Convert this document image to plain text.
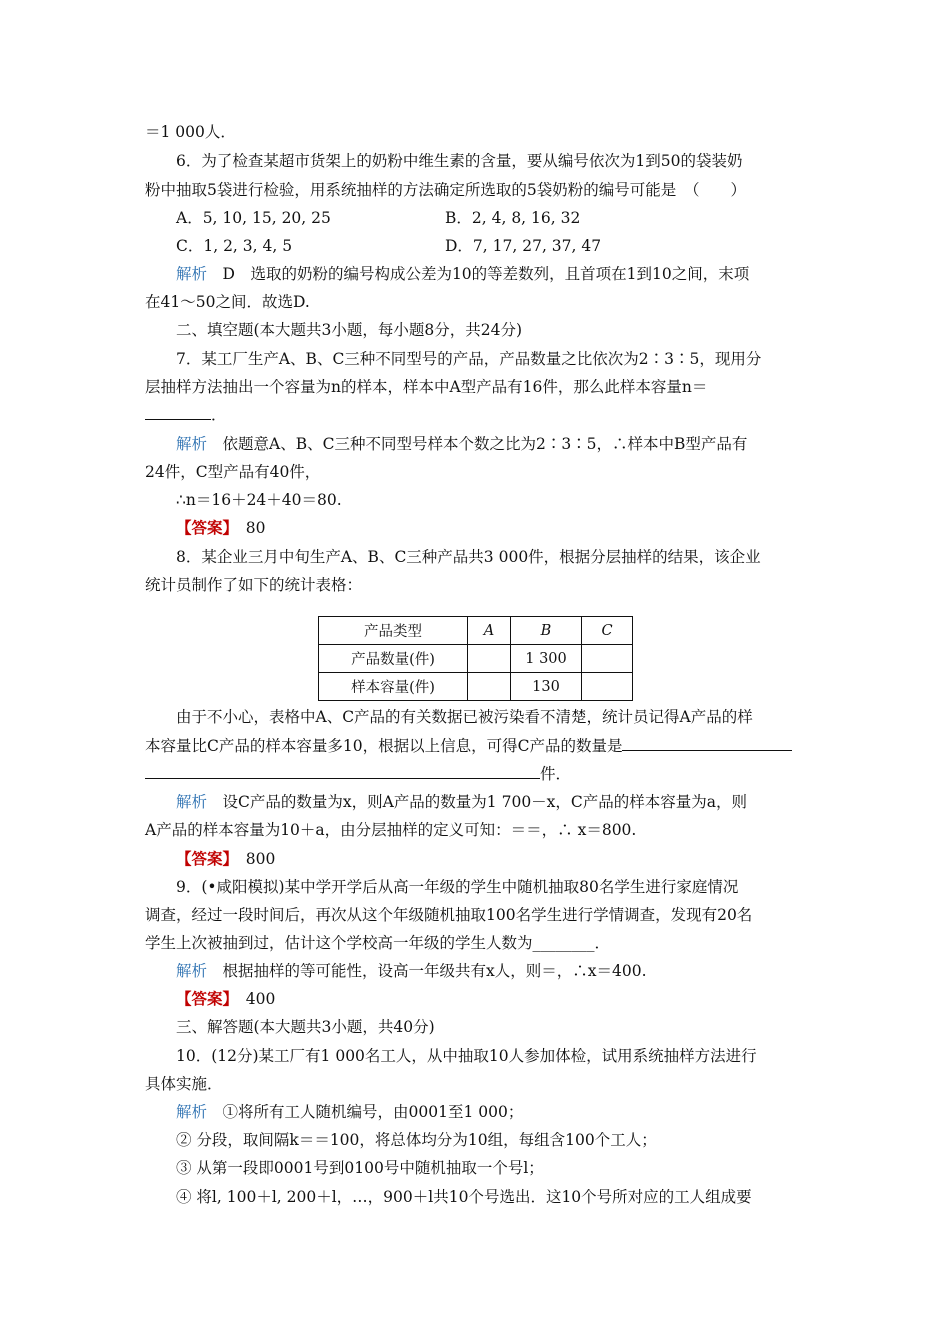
＝1 000人．
6．为了检查某超市货架上的奶粉中维生素的含量，要从编号依次为1到50的袋装奶
粉中抽取5袋进行检验，用系统抽样的方法确定所选取的5袋奶粉的编号可能是　（　　）
A．5, 10, 15, 20, 25	B．2, 4, 8, 16, 32
C．1, 2, 3, 4, 5	D．7, 17, 27, 37, 47
解析　D　选取的奶粉的编号构成公差为10的等差数列，且首项在1到10之间，末项
在41～50之间．故选D.
二、填空题(本大题共3小题，每小题8分，共24分)
7．某工厂生产A、B、C三种不同型号的产品，产品数量之比依次为2∶3∶5，现用分
层抽样方法抽出一个容量为n的样本，样本中A型产品有16件，那么此样本容量n＝
．
解析　依题意A、B、C三种不同型号样本个数之比为2∶3∶5，∴样本中B型产品有
24件，C型产品有40件，
∴n＝16＋24＋40＝80.
【答案】　80
8．某企业三月中旬生产A、B、C三种产品共3 000件，根据分层抽样的结果，该企业
统计员制作了如下的统计表格：
产品类型	A	B	C
产品数量(件)		1 300	
样本容量(件)		130	
由于不小心，表格中A、C产品的有关数据已被污染看不清楚，统计员记得A产品的样
本容量比C产品的样本容量多10，根据以上信息，可得C产品的数量是
件．
解析　设C产品的数量为x，则A产品的数量为1 700－x，C产品的样本容量为a，则
A产品的样本容量为10＋a，由分层抽样的定义可知：＝＝，∴ x＝800.
【答案】　800
9．(•咸阳模拟)某中学开学后从高一年级的学生中随机抽取80名学生进行家庭情况
调查，经过一段时间后，再次从这个年级随机抽取100名学生进行学情调查，发现有20名
学生上次被抽到过，估计这个学校高一年级的学生人数为________．
解析　根据抽样的等可能性，设高一年级共有x人，则＝，∴x＝400.
【答案】　400
三、解答题(本大题共3小题，共40分)
10．(12分)某工厂有1 000名工人，从中抽取10人参加体检，试用系统抽样方法进行
具体实施．
解析　①将所有工人随机编号，由0001至1 000；
② 分段，取间隔k＝＝100，将总体均分为10组，每组含100个工人；
③ 从第一段即0001号到0100号中随机抽取一个号l；
④ 将l, 100＋l, 200＋l，…，900＋l共10个号选出．这10个号所对应的工人组成要
